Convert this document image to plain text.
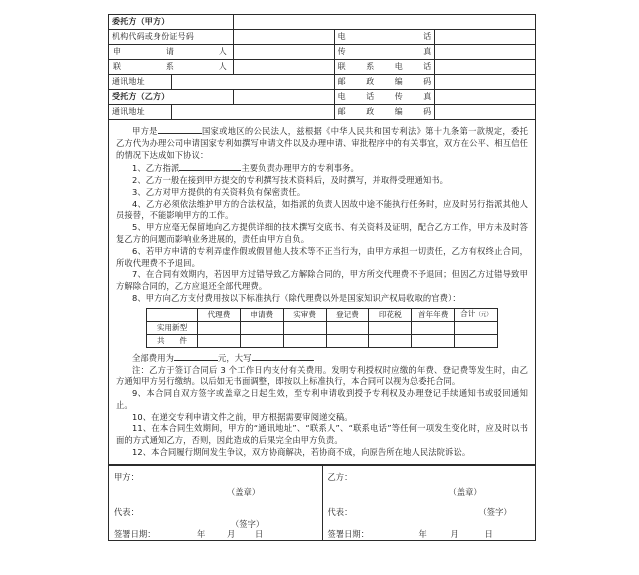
委托方（甲方）				
机构代码或身份证号码			电　　话	
申　　请　　人			传　　真	
联　　系　　人			联系电话	
通讯地址			邮政编码	
受托方（乙方）			电话传真	
通讯地址			邮政编码	

甲方是	国家或地区的公民法人，兹根据《中华人民共和国专利法》第十九条第一款规定，委托乙方代为办理公司申请国家专利如撰写申请文件以及办理申请、审批程序中的有关事宜，双方在公平、相互信任的情况下达成如下协议：

1、乙方指派	主要负责办理甲方的专利事务。

2、乙方一般在接到甲方提交的专利撰写技术资料后，及时撰写，并取得受理通知书。

3、乙方对甲方提供的有关资料负有保密责任。

4、乙方必须依法维护甲方的合法权益，如指派的负责人因故中途不能执行任务时，应及时另行指派其他人员接替，不能影响甲方的工作。

5、甲方应毫无保留地向乙方提供详细的技术撰写交底书、有关资料及证明，配合乙方工作，甲方未及时答复乙方的问题而影响业务进展的，责任由甲方自负。

6、若甲方申请的专利弄虚作假或假冒他人技术等不正当行为，由甲方承担一切责任，乙方有权终止合同，所收代理费不予退回。

7、在合同有效期内，若因甲方过错导致乙方解除合同的，甲方所交代理费不予退回；但因乙方过错导致甲方解除合同的，乙方应退还全部代理费。

8、甲方向乙方支付费用按以下标准执行（除代理费以外是国家知识产权局收取的官费）：

	代理费	申请费	实审费	登记费	印花税	首年年费	合计（元）
实用新型							
共　件							

全部费用为	元，大写

注：乙方于签订合同后 3 个工作日内支付有关费用。发明专利授权时应缴的年费、登记费等发生时，由乙方通知甲方另行缴纳。以后如无书面调整，即按以上标准执行，本合同可以视为总委托合同。

9、本合同自双方签字或盖章之日起生效，至专利申请收到授予专利权及办理登记手续通知书或驳回通知止。

10、在递交专利申请文件之前，甲方根据需要审阅递交稿。

11、在本合同生效期间，甲方的“通讯地址”、“联系人”、“联系电话”等任何一项发生变化时，应及时以书面的方式通知乙方，否则，因此造成的后果完全由甲方负责。

12、本合同履行期间发生争议，双方协商解决，若协商不成，向原告所在地人民法院诉讼。

甲方：
（盖章）
代表：
（签字）
签署日期：	年	月 日

乙方：
（盖章）
代表：	（签字）
签署日期：	年	月	日
